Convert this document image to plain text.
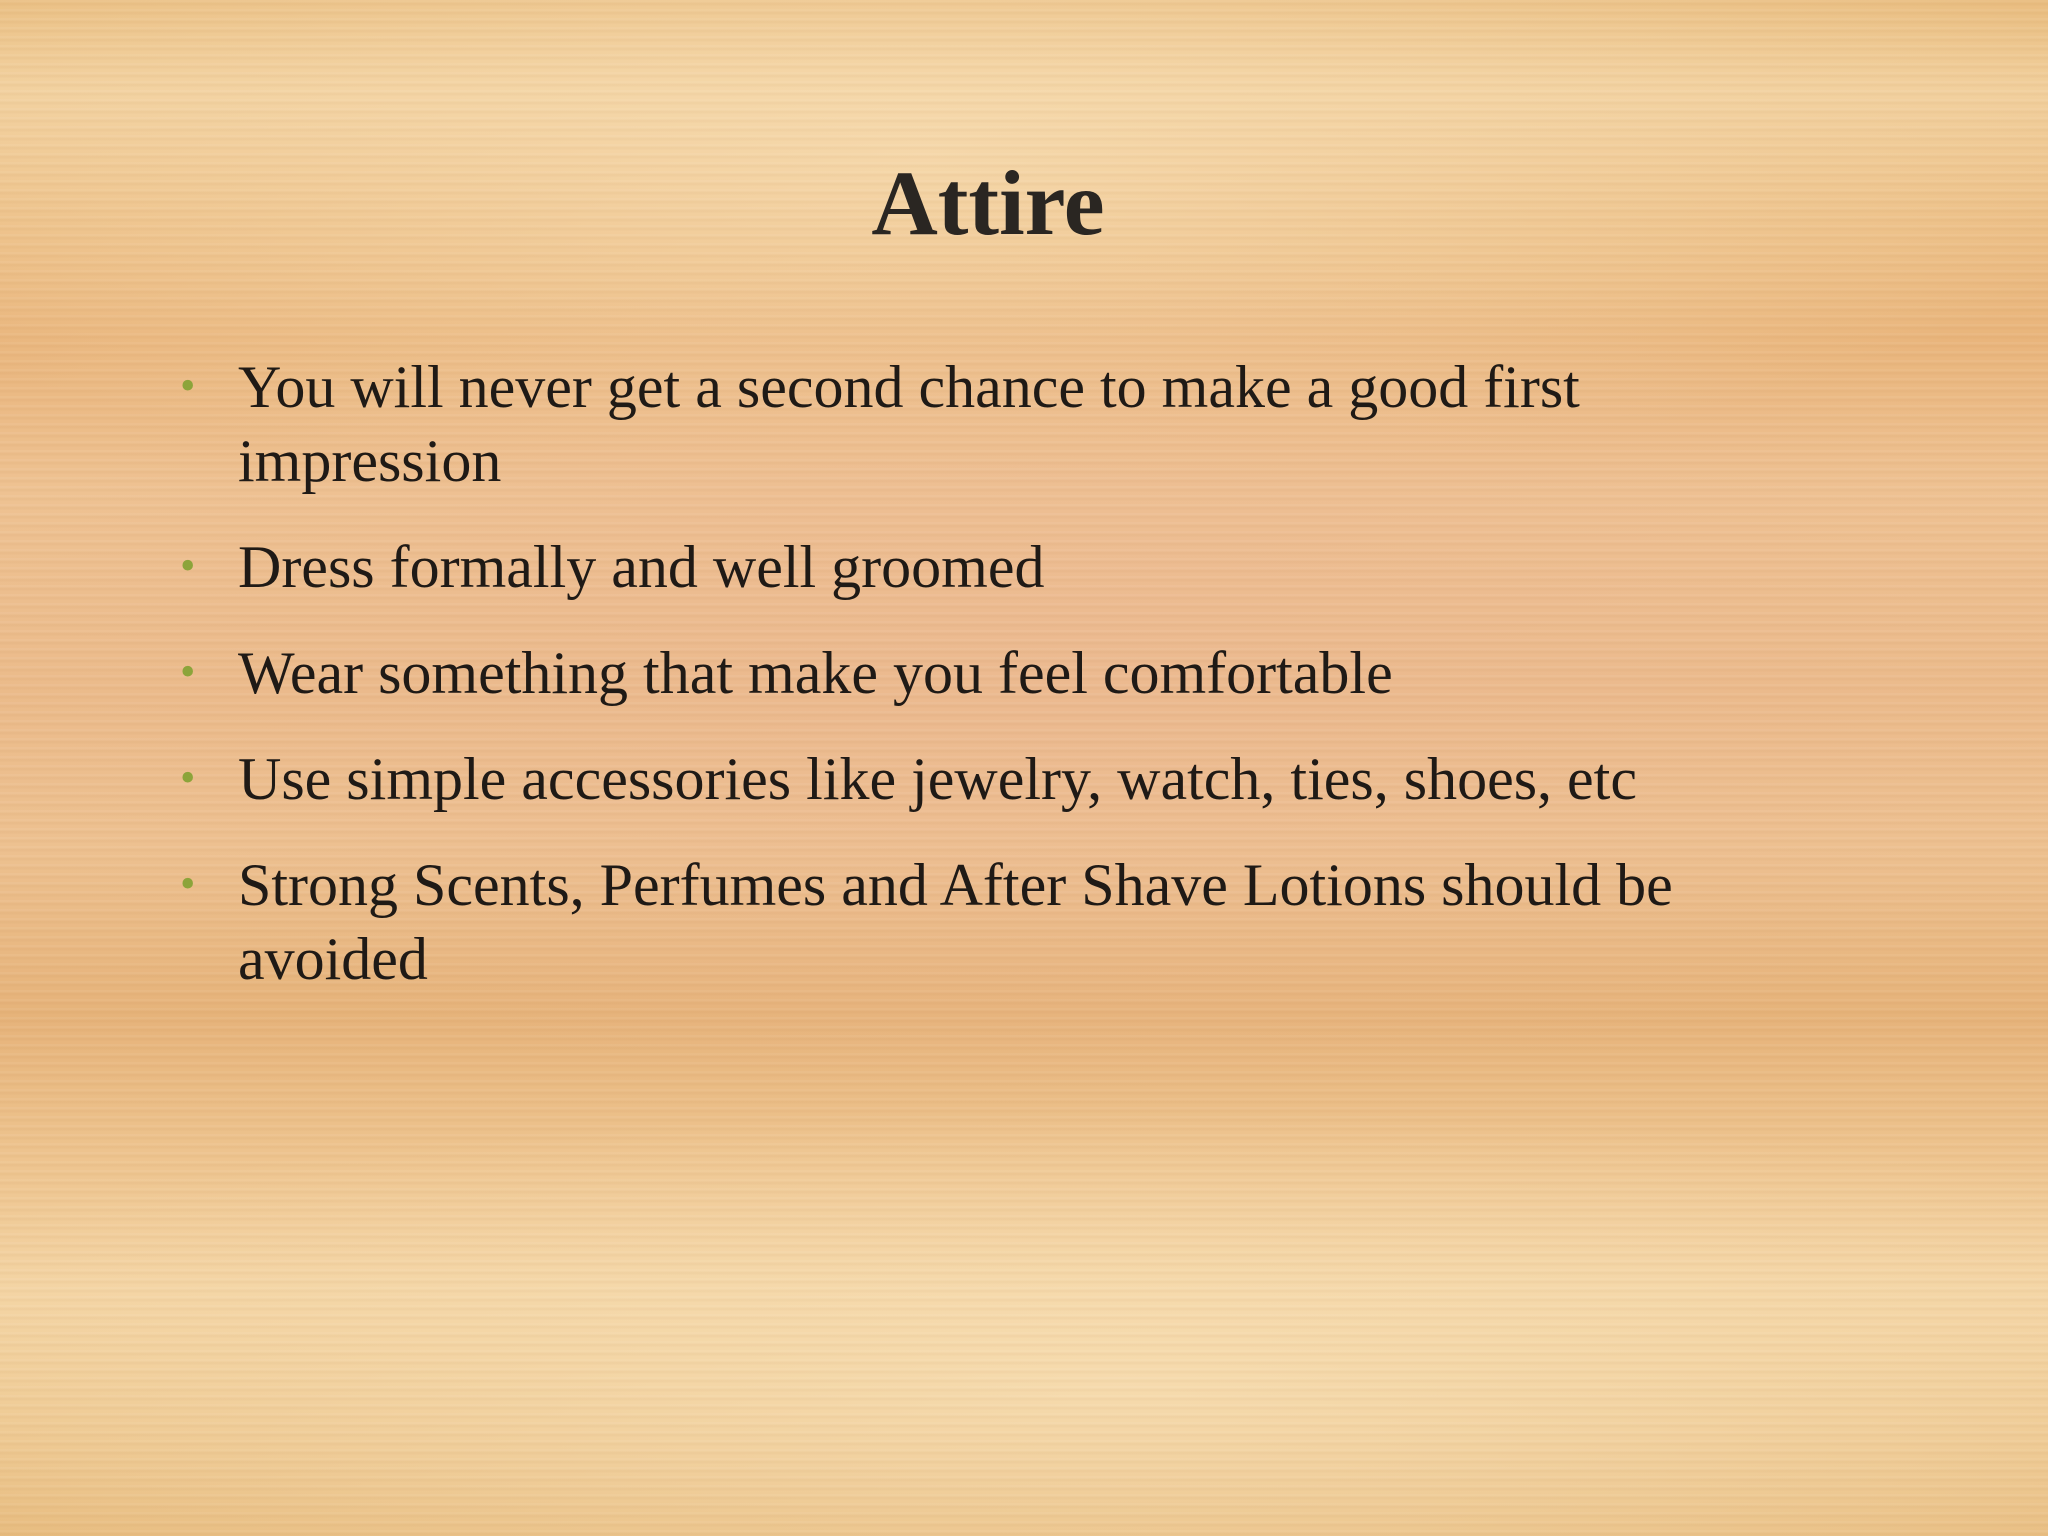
Attire
• You will never get a second chance to make a good first impression
• Dress formally and well groomed
• Wear something that make you feel comfortable
• Use simple accessories like jewelry, watch, ties, shoes, etc
• Strong Scents, Perfumes and After Shave Lotions should be avoided
